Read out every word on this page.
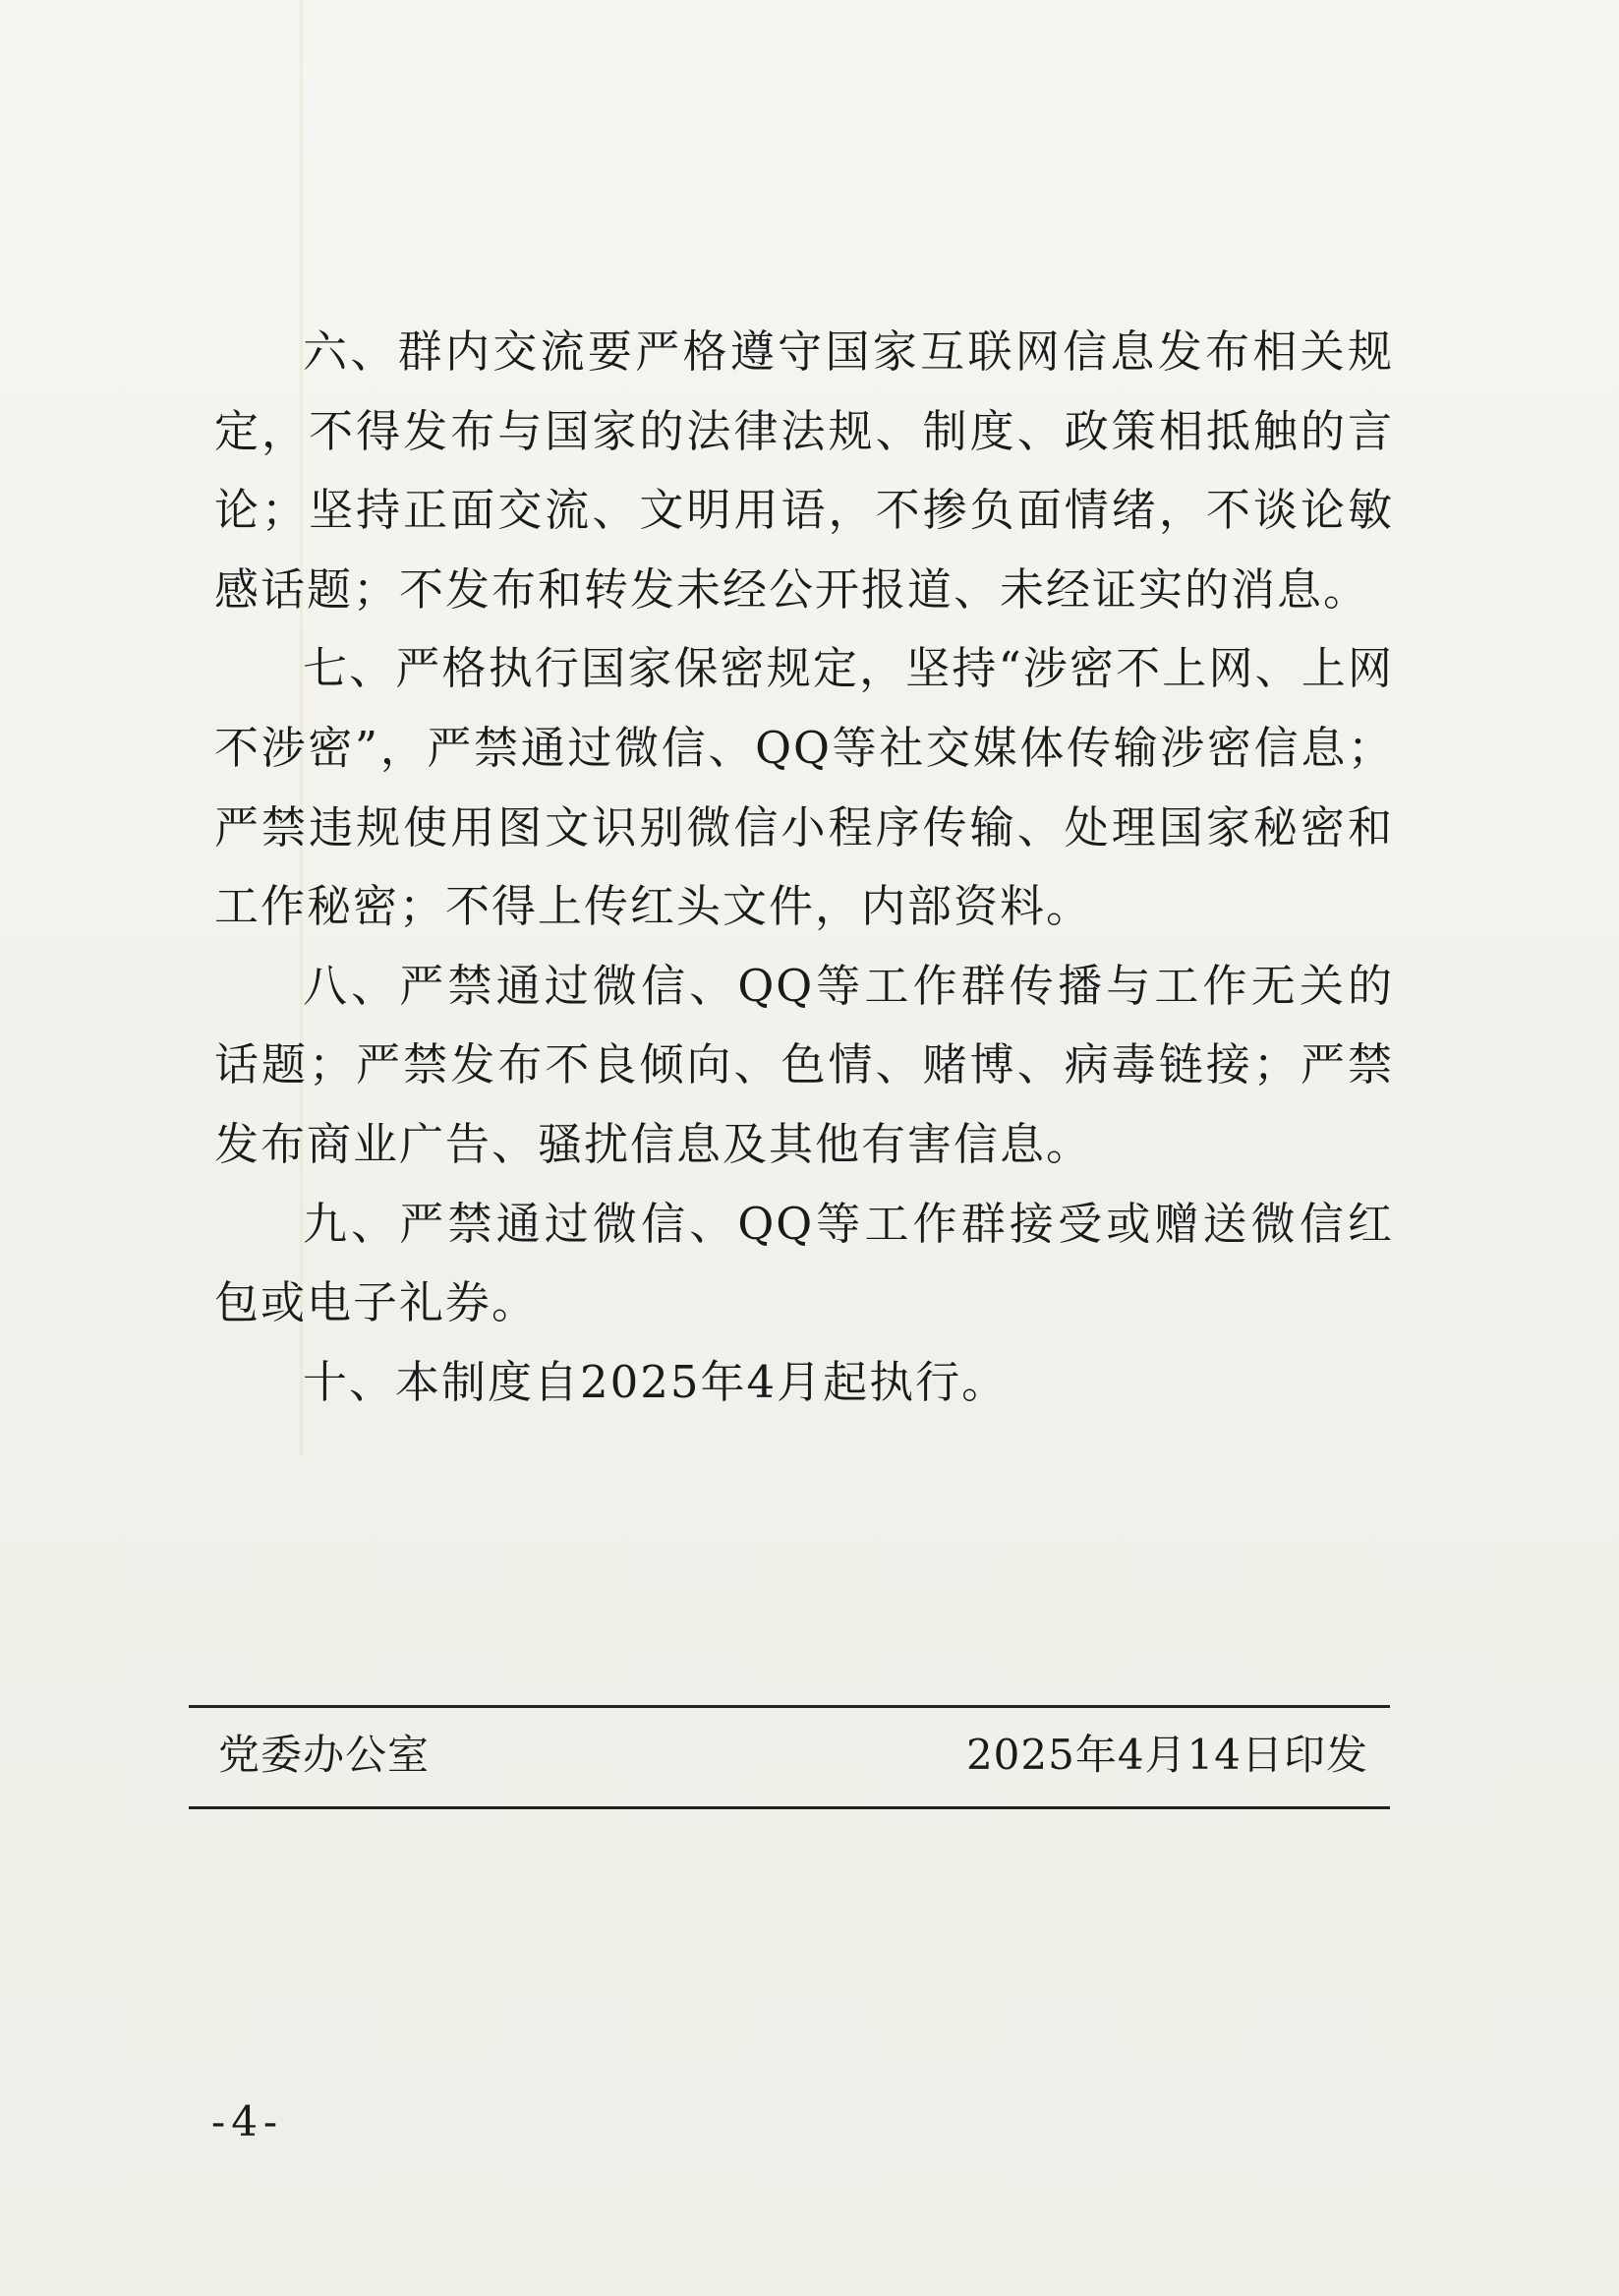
六、群内交流要严格遵守国家互联网信息发布相关规定，不得发布与国家的法律法规、制度、政策相抵触的言论；坚持正面交流、文明用语，不掺负面情绪，不谈论敏感话题；不发布和转发未经公开报道、未经证实的消息。

七、严格执行国家保密规定，坚持“涉密不上网、上网不涉密”，严禁通过微信、QQ等社交媒体传输涉密信息；严禁违规使用图文识别微信小程序传输、处理国家秘密和工作秘密；不得上传红头文件，内部资料。

八、严禁通过微信、QQ等工作群传播与工作无关的话题；严禁发布不良倾向、色情、赌博、病毒链接；严禁发布商业广告、骚扰信息及其他有害信息。

九、严禁通过微信、QQ等工作群接受或赠送微信红包或电子礼券。

十、本制度自2025年4月起执行。

党委办公室	2025年4月14日印发
-4-
